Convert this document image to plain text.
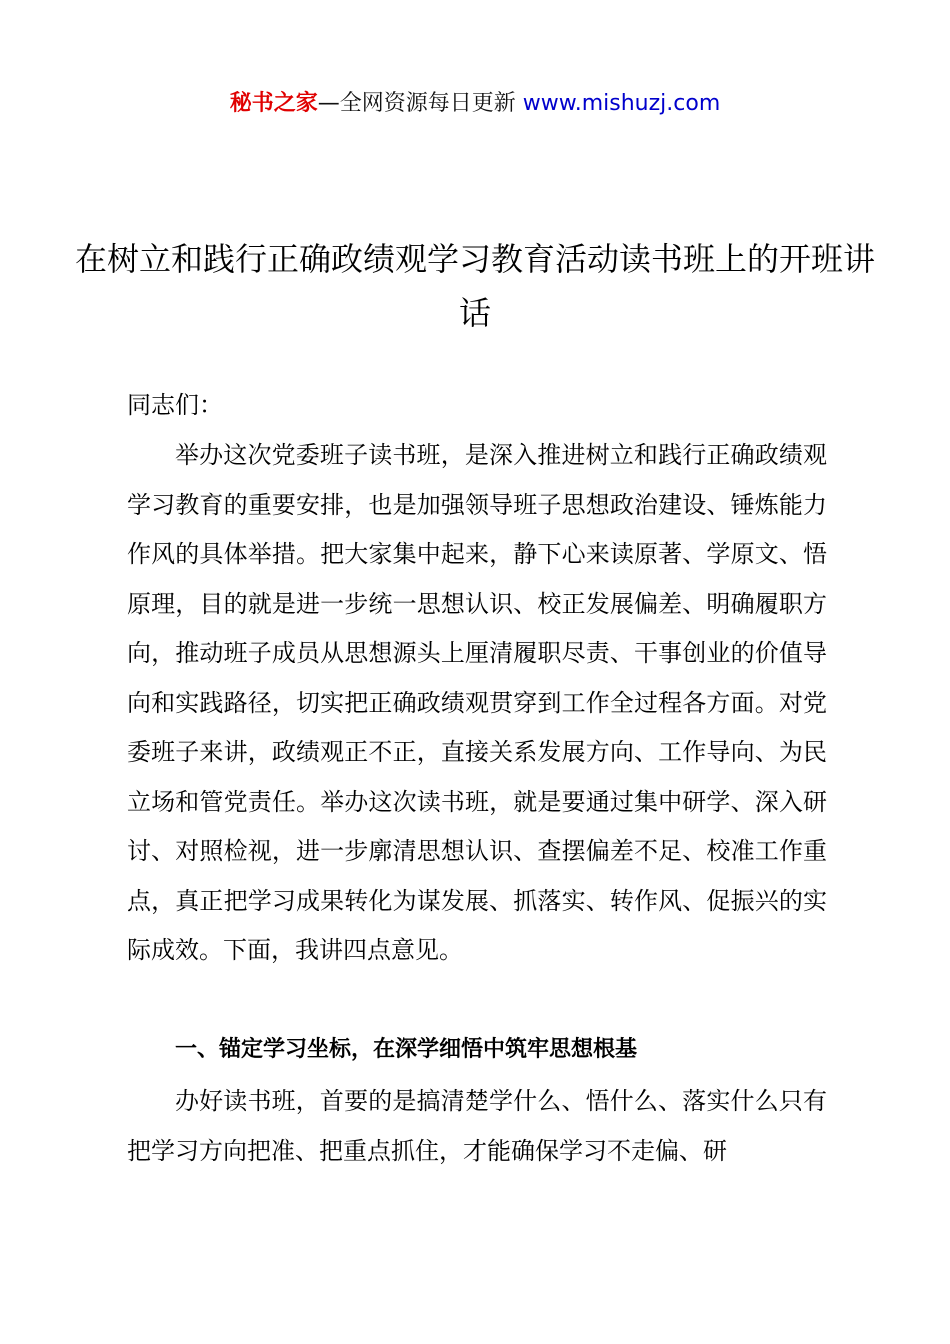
秘书之家—全网资源每日更新 www.mishuzj.com
在树立和践行正确政绩观学习教育活动读书班上的开班讲话
同志们：
举办这次党委班子读书班，是深入推进树立和践行正确政绩观学习教育的重要安排，也是加强领导班子思想政治建设、锤炼能力作风的具体举措。把大家集中起来，静下心来读原著、学原文、悟原理，目的就是进一步统一思想认识、校正发展偏差、明确履职方向，推动班子成员从思想源头上厘清履职尽责、干事创业的价值导向和实践路径，切实把正确政绩观贯穿到工作全过程各方面。对党委班子来讲，政绩观正不正，直接关系发展方向、工作导向、为民立场和管党责任。举办这次读书班，就是要通过集中研学、深入研讨、对照检视，进一步廓清思想认识、查摆偏差不足、校准工作重点，真正把学习成果转化为谋发展、抓落实、转作风、促振兴的实际成效。下面，我讲四点意见。
一、锚定学习坐标，在深学细悟中筑牢思想根基
办好读书班，首要的是搞清楚学什么、悟什么、落实什么只有把学习方向把准、把重点抓住，才能确保学习不走偏、研
